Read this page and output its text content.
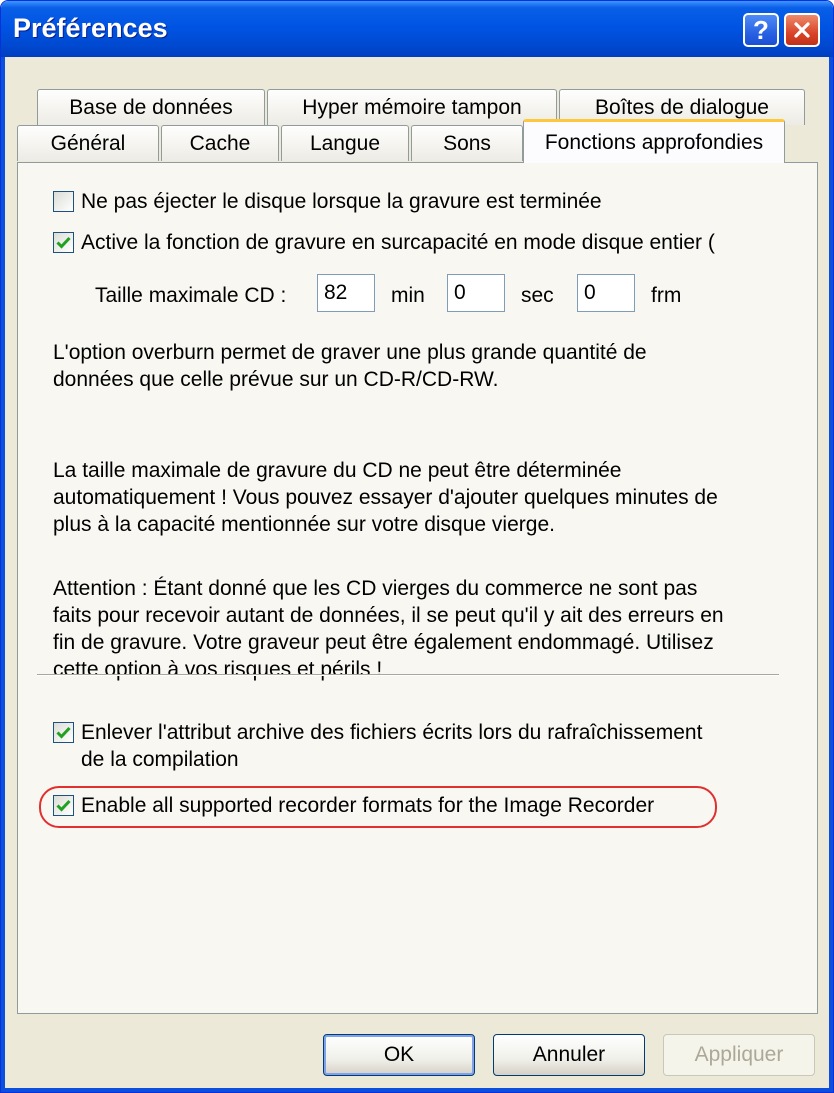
Préférences	?
Base de données	Hyper mémoire tampon	Boîtes de dialogue
Général	Cache	Langue	Sons	Fonctions approfondies
Ne pas éjecter le disque lorsque la gravure est terminée
Active la fonction de gravure en surcapacité en mode disque entier (
Taille maximale CD :
82	min
0	sec
0	frm
L'option overburn permet de graver une plus grande quantité de
données que celle prévue sur un CD-R/CD-RW.
La taille maximale de gravure du CD ne peut être déterminée
automatiquement ! Vous pouvez essayer d'ajouter quelques minutes de
plus à la capacité mentionnée sur votre disque vierge.
Attention : Étant donné que les CD vierges du commerce ne sont pas
faits pour recevoir autant de données, il se peut qu'il y ait des erreurs en
fin de gravure. Votre graveur peut être également endommagé. Utilisez
cette option à vos risques et périls !
Enlever l'attribut archive des fichiers écrits lors du rafraîchissement
de la compilation
Enable all supported recorder formats for the Image Recorder
OK	Annuler	Appliquer
